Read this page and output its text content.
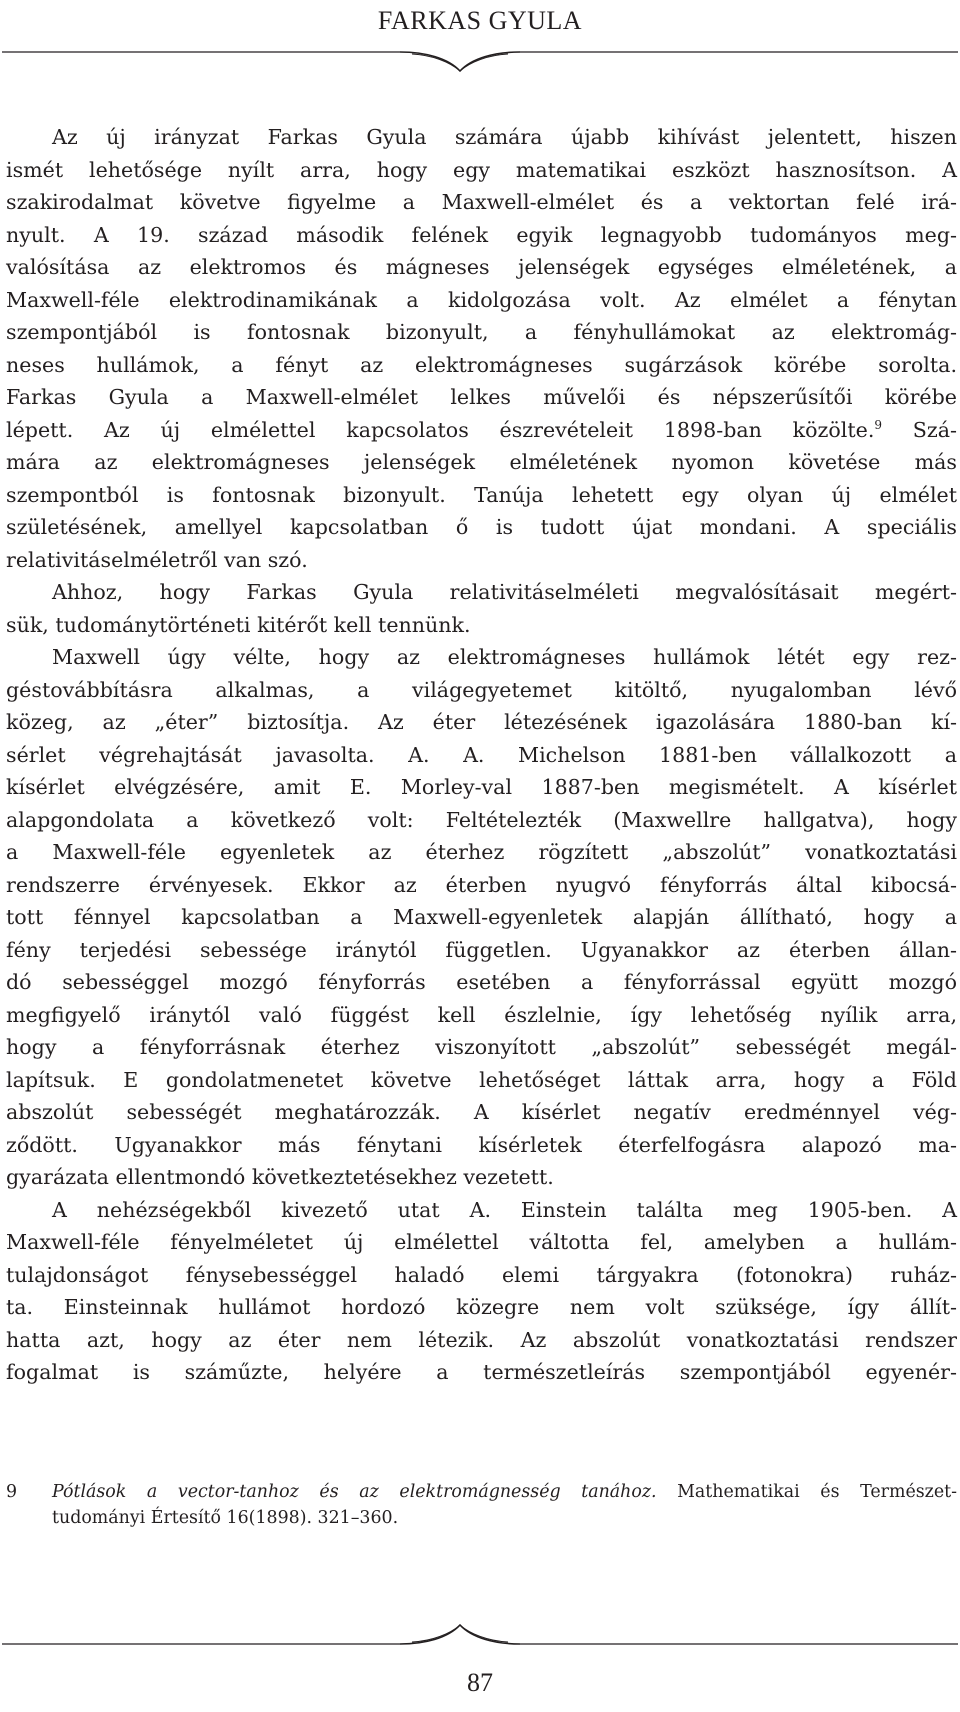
FARKAS GYULA
Az új irányzat Farkas Gyula számára újabb kihívást jelentett, hiszen
ismét lehetősége nyílt arra, hogy egy matematikai eszközt hasznosítson. A
szakirodalmat követve figyelme a Maxwell-elmélet és a vektortan felé irá-
nyult. A 19. század második felének egyik legnagyobb tudományos meg-
valósítása az elektromos és mágneses jelenségek egységes elméletének, a
Maxwell-féle elektrodinamikának a kidolgozása volt. Az elmélet a fénytan
szempontjából is fontosnak bizonyult, a fényhullámokat az elektromág-
neses hullámok, a fényt az elektromágneses sugárzások körébe sorolta.
Farkas Gyula a Maxwell-elmélet lelkes művelői és népszerűsítői körébe
lépett. Az új elmélettel kapcsolatos észrevételeit 1898-ban közölte.$^9$ Szá-
mára az elektromágneses jelenségek elméletének nyomon követése más
szempontból is fontosnak bizonyult. Tanúja lehetett egy olyan új elmélet
születésének, amellyel kapcsolatban ő is tudott újat mondani. A speciális
relativitáselméletről van szó.
Ahhoz, hogy Farkas Gyula relativitáselméleti megvalósításait megért-
sük, tudománytörténeti kitérőt kell tennünk.
Maxwell úgy vélte, hogy az elektromágneses hullámok létét egy rez-
géstovábbításra alkalmas, a világegyetemet kitöltő, nyugalomban lévő
közeg, az „éter” biztosítja. Az éter létezésének igazolására 1880-ban kí-
sérlet végrehajtását javasolta. A. A. Michelson 1881-ben vállalkozott a
kísérlet elvégzésére, amit E. Morley-val 1887-ben megismételt. A kísérlet
alapgondolata a következő volt: Feltételezték (Maxwellre hallgatva), hogy
a Maxwell-féle egyenletek az éterhez rögzített „abszolút” vonatkoztatási
rendszerre érvényesek. Ekkor az éterben nyugvó fényforrás által kibocsá-
tott fénnyel kapcsolatban a Maxwell-egyenletek alapján állítható, hogy a
fény terjedési sebessége iránytól független. Ugyanakkor az éterben állan-
dó sebességgel mozgó fényforrás esetében a fényforrással együtt mozgó
megfigyelő iránytól való függést kell észlelnie, így lehetőség nyílik arra,
hogy a fényforrásnak éterhez viszonyított „abszolút” sebességét megál-
lapítsuk. E gondolatmenetet követve lehetőséget láttak arra, hogy a Föld
abszolút sebességét meghatározzák. A kísérlet negatív eredménnyel vég-
ződött. Ugyanakkor más fénytani kísérletek éterfelfogásra alapozó ma-
gyarázata ellentmondó következtetésekhez vezetett.
A nehézségekből kivezető utat A. Einstein találta meg 1905-ben. A
Maxwell-féle fényelméletet új elmélettel váltotta fel, amelyben a hullám-
tulajdonságot fénysebességgel haladó elemi tárgyakra (fotonokra) ruház-
ta. Einsteinnak hullámot hordozó közegre nem volt szüksége, így állít-
hatta azt, hogy az éter nem létezik. Az abszolút vonatkoztatási rendszer
fogalmat is száműzte, helyére a természetleírás szempontjából egyenér-
9 Pótlások a vector-tanhoz és az elektromágnesség tanához. Mathematikai és Természet-
tudományi Értesítő 16(1898). 321–360.
87
